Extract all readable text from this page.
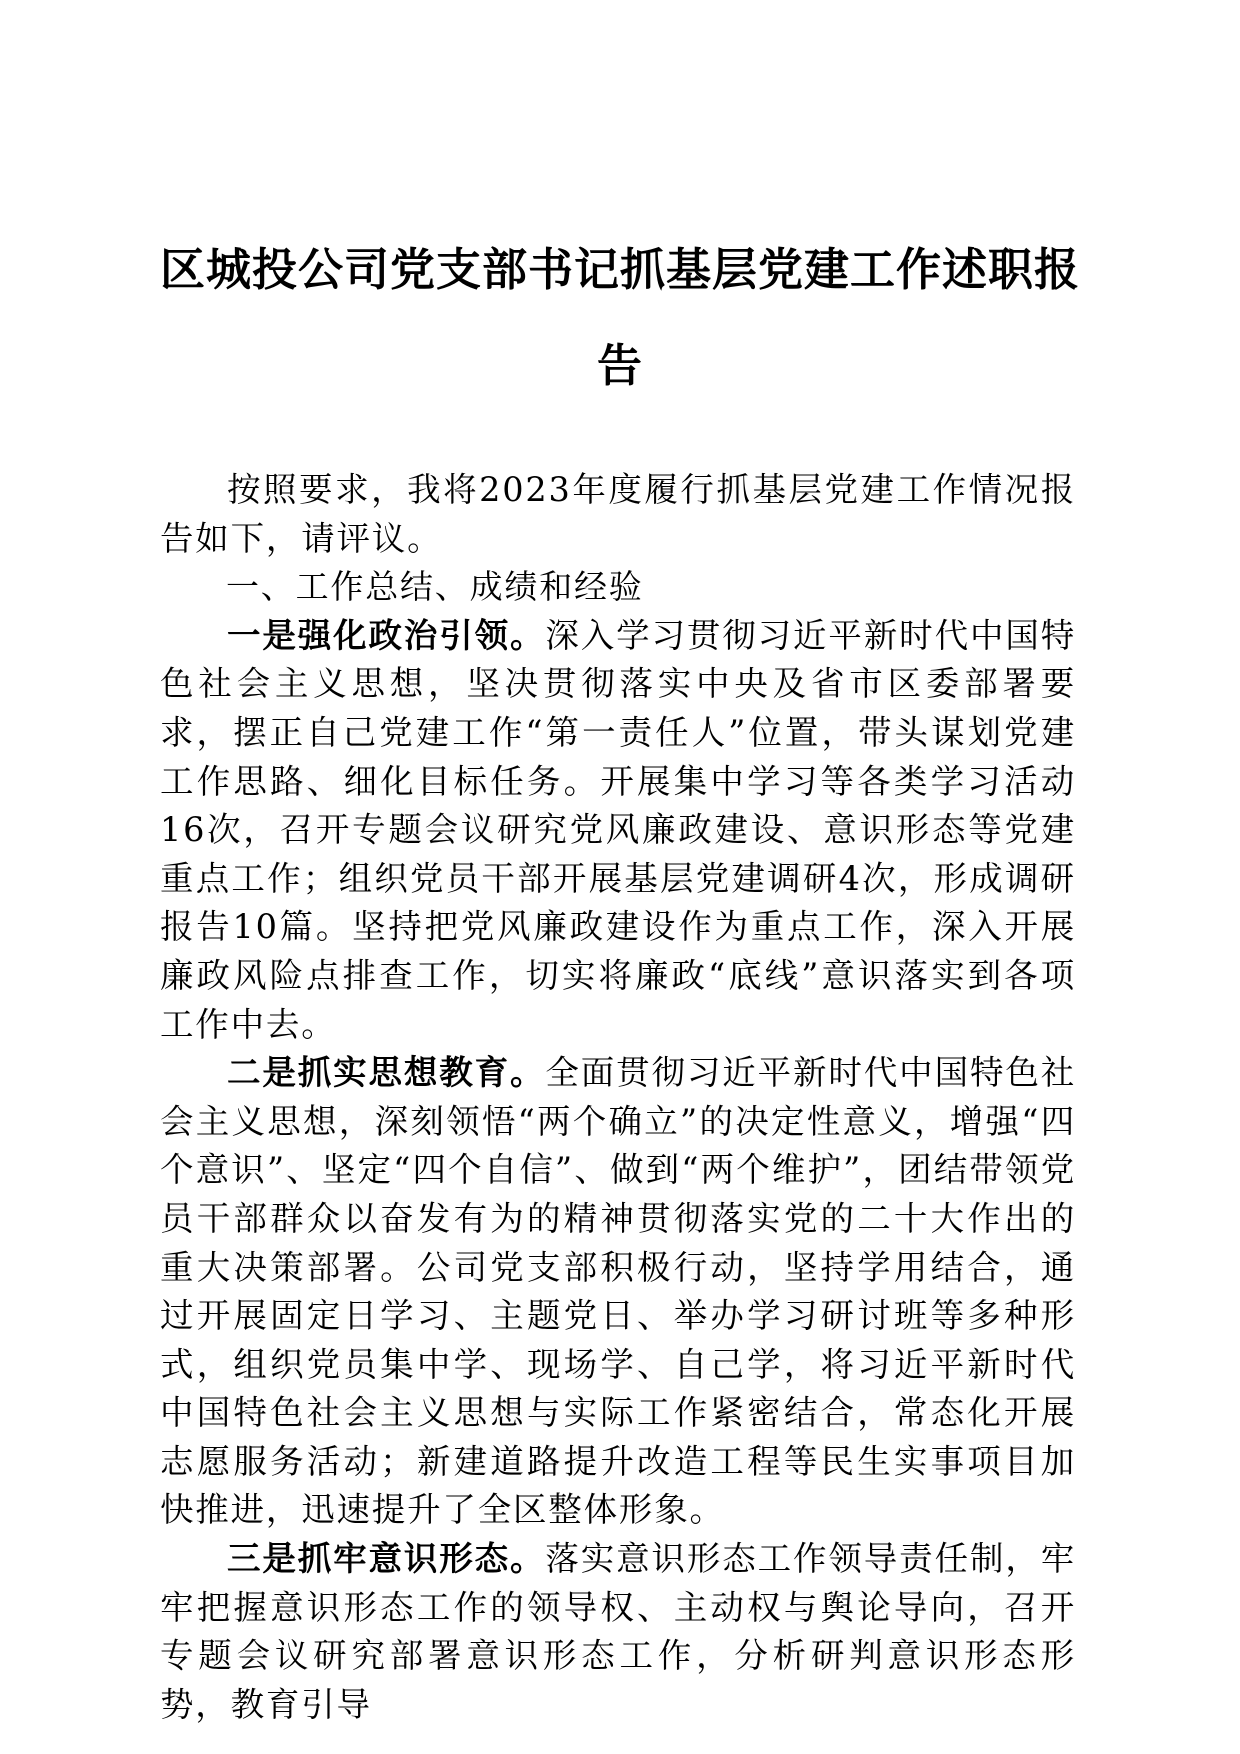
区城投公司党支部书记抓基层党建工作述职报告

按照要求，我将2023年度履行抓基层党建工作情况报告如下，请评议。

一、工作总结、成绩和经验

一是强化政治引领。深入学习贯彻习近平新时代中国特色社会主义思想，坚决贯彻落实中央及省市区委部署要求，摆正自己党建工作“第一责任人”位置，带头谋划党建工作思路、细化目标任务。开展集中学习等各类学习活动16次，召开专题会议研究党风廉政建设、意识形态等党建重点工作；组织党员干部开展基层党建调研4次，形成调研报告10篇。坚持把党风廉政建设作为重点工作，深入开展廉政风险点排查工作，切实将廉政“底线”意识落实到各项工作中去。

二是抓实思想教育。全面贯彻习近平新时代中国特色社会主义思想，深刻领悟“两个确立”的决定性意义，增强“四个意识”、坚定“四个自信”、做到“两个维护”，团结带领党员干部群众以奋发有为的精神贯彻落实党的二十大作出的重大决策部署。公司党支部积极行动，坚持学用结合，通过开展固定日学习、主题党日、举办学习研讨班等多种形式，组织党员集中学、现场学、自己学，将习近平新时代中国特色社会主义思想与实际工作紧密结合，常态化开展志愿服务活动；新建道路提升改造工程等民生实事项目加快推进，迅速提升了全区整体形象。

三是抓牢意识形态。落实意识形态工作领导责任制，牢牢把握意识形态工作的领导权、主动权与舆论导向，召开专题会议研究部署意识形态工作，分析研判意识形态形势，教育引导
